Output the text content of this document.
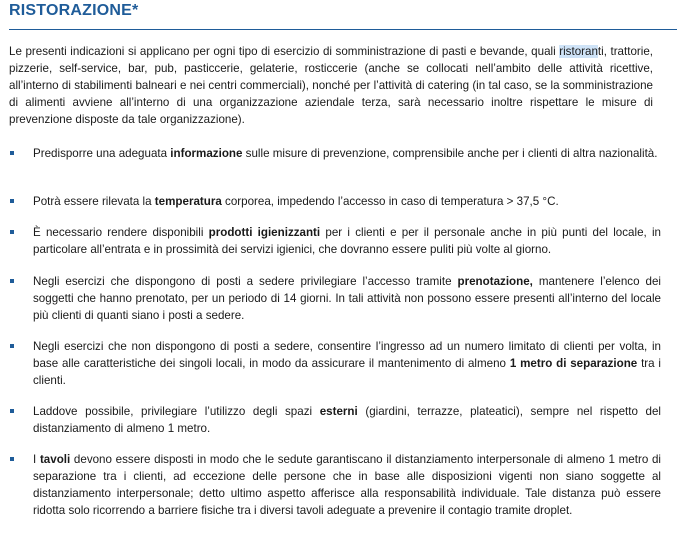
RISTORAZIONE*

Le presenti indicazioni si applicano per ogni tipo di esercizio di somministrazione di pasti e bevande, quali ristoranti, trattorie, pizzerie, self-service, bar, pub, pasticcerie, gelaterie, rosticcerie (anche se collocati nell’ambito delle attività ricettive, all’interno di stabilimenti balneari e nei centri commerciali), nonché per l’attività di catering (in tal caso, se la somministrazione di alimenti avviene all’interno di una organizzazione aziendale terza, sarà necessario inoltre rispettare le misure di prevenzione disposte da tale organizzazione).

Predisporre una adeguata informazione sulle misure di prevenzione, comprensibile anche per i clienti di altra nazionalità.
Potrà essere rilevata la temperatura corporea, impedendo l’accesso in caso di temperatura > 37,5 °C.
È necessario rendere disponibili prodotti igienizzanti per i clienti e per il personale anche in più punti del locale, in particolare all’entrata e in prossimità dei servizi igienici, che dovranno essere puliti più volte al giorno.
Negli esercizi che dispongono di posti a sedere privilegiare l’accesso tramite prenotazione, mantenere l’elenco dei soggetti che hanno prenotato, per un periodo di 14 giorni. In tali attività non possono essere presenti all’interno del locale più clienti di quanti siano i posti a sedere.
Negli esercizi che non dispongono di posti a sedere, consentire l’ingresso ad un numero limitato di clienti per volta, in base alle caratteristiche dei singoli locali, in modo da assicurare il mantenimento di almeno 1 metro di separazione tra i clienti.
Laddove possibile, privilegiare l’utilizzo degli spazi esterni (giardini, terrazze, plateatici), sempre nel rispetto del distanziamento di almeno 1 metro.
I tavoli devono essere disposti in modo che le sedute garantiscano il distanziamento interpersonale di almeno 1 metro di separazione tra i clienti, ad eccezione delle persone che in base alle disposizioni vigenti non siano soggette al distanziamento interpersonale; detto ultimo aspetto afferisce alla responsabilità individuale. Tale distanza può essere ridotta solo ricorrendo a barriere fisiche tra i diversi tavoli adeguate a prevenire il contagio tramite droplet.
